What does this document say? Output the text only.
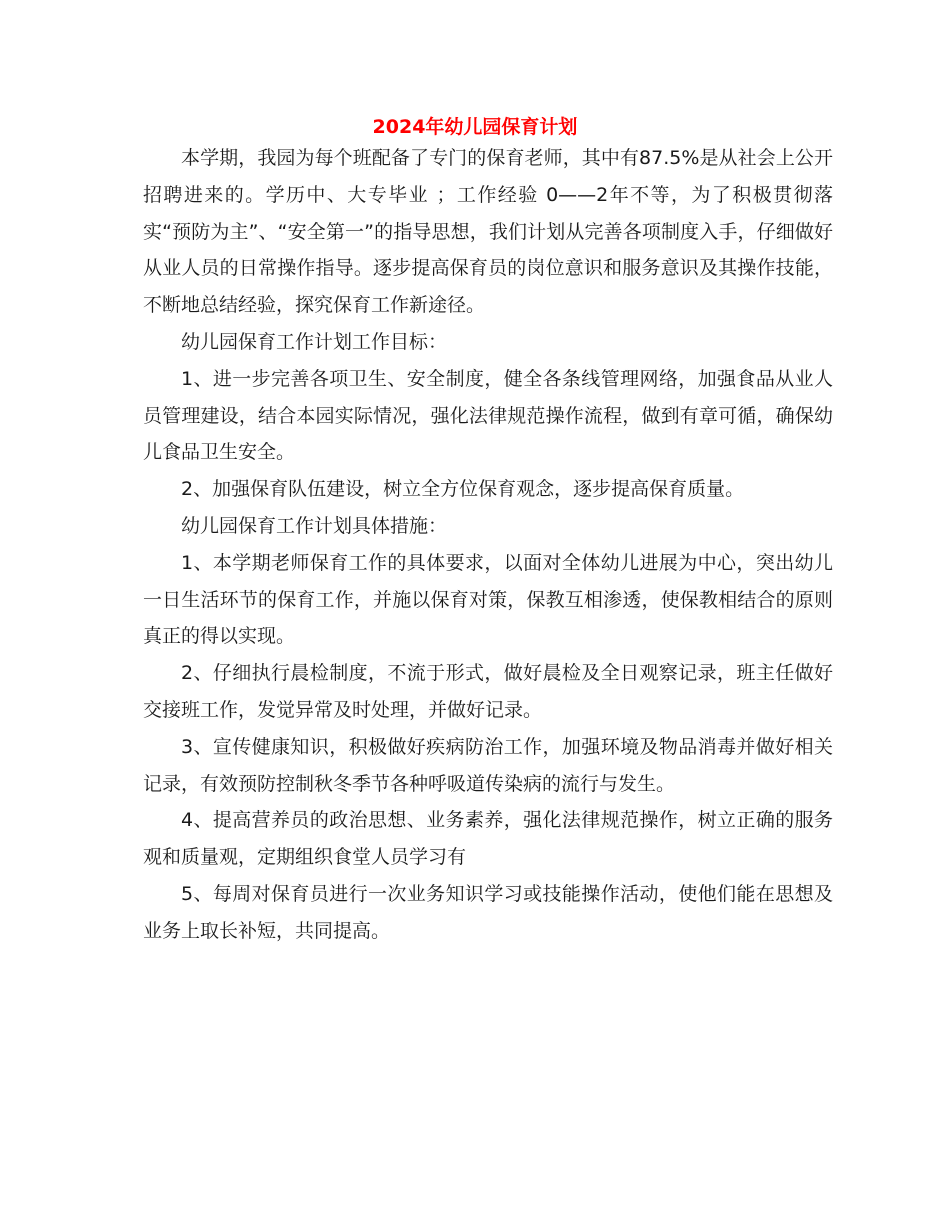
2024年幼儿园保育计划

本学期，我园为每个班配备了专门的保育老师，其中有87.5%是从社会上公开招聘进来的。学历中、大专毕业 ；工作经验 0——2年不等，为了积极贯彻落实“预防为主”、“安全第一”的指导思想，我们计划从完善各项制度入手，仔细做好从业人员的日常操作指导。逐步提高保育员的岗位意识和服务意识及其操作技能，不断地总结经验，探究保育工作新途径。

幼儿园保育工作计划工作目标：

1、进一步完善各项卫生、安全制度，健全各条线管理网络，加强食品从业人员管理建设，结合本园实际情况，强化法律规范操作流程，做到有章可循，确保幼儿食品卫生安全。

2、加强保育队伍建设，树立全方位保育观念，逐步提高保育质量。

幼儿园保育工作计划具体措施：

1、本学期老师保育工作的具体要求，以面对全体幼儿进展为中心，突出幼儿一日生活环节的保育工作，并施以保育对策，保教互相渗透，使保教相结合的原则真正的得以实现。

2、仔细执行晨检制度，不流于形式，做好晨检及全日观察记录，班主任做好交接班工作，发觉异常及时处理，并做好记录。

3、宣传健康知识，积极做好疾病防治工作，加强环境及物品消毒并做好相关记录，有效预防控制秋冬季节各种呼吸道传染病的流行与发生。

4、提高营养员的政治思想、业务素养，强化法律规范操作，树立正确的服务观和质量观，定期组织食堂人员学习有

5、每周对保育员进行一次业务知识学习或技能操作活动，使他们能在思想及业务上取长补短，共同提高。
